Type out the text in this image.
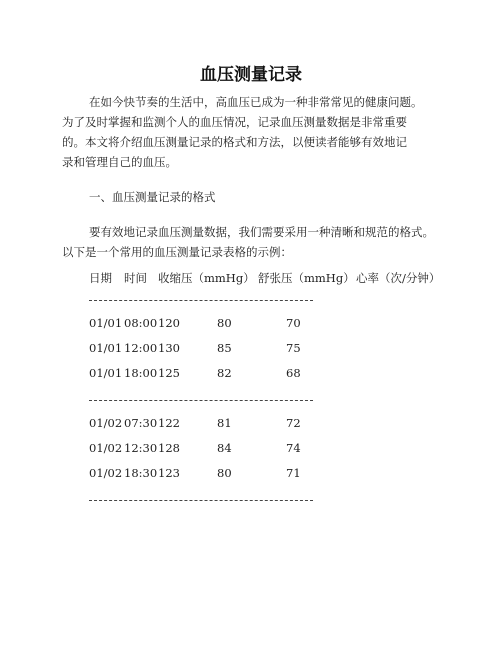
血压测量记录
在如今快节奏的生活中，高血压已成为一种非常常见的健康问题。
为了及时掌握和监测个人的血压情况，记录血压测量数据是非常重要
的。本文将介绍血压测量记录的格式和方法，以便读者能够有效地记
录和管理自己的血压。
一、血压测量记录的格式
要有效地记录血压测量数据，我们需要采用一种清晰和规范的格式。
以下是一个常用的血压测量记录表格的示例：
日期 时间 收缩压（mmHg） 舒张压（mmHg） 心率（次/分钟）
01/01 08:00 120	80	70
01/01 12:00 130	85	75
01/01 18:00 125	82	68
01/02 07:30 122	81	72
01/02 12:30 128	84	74
01/02 18:30 123	80	71
